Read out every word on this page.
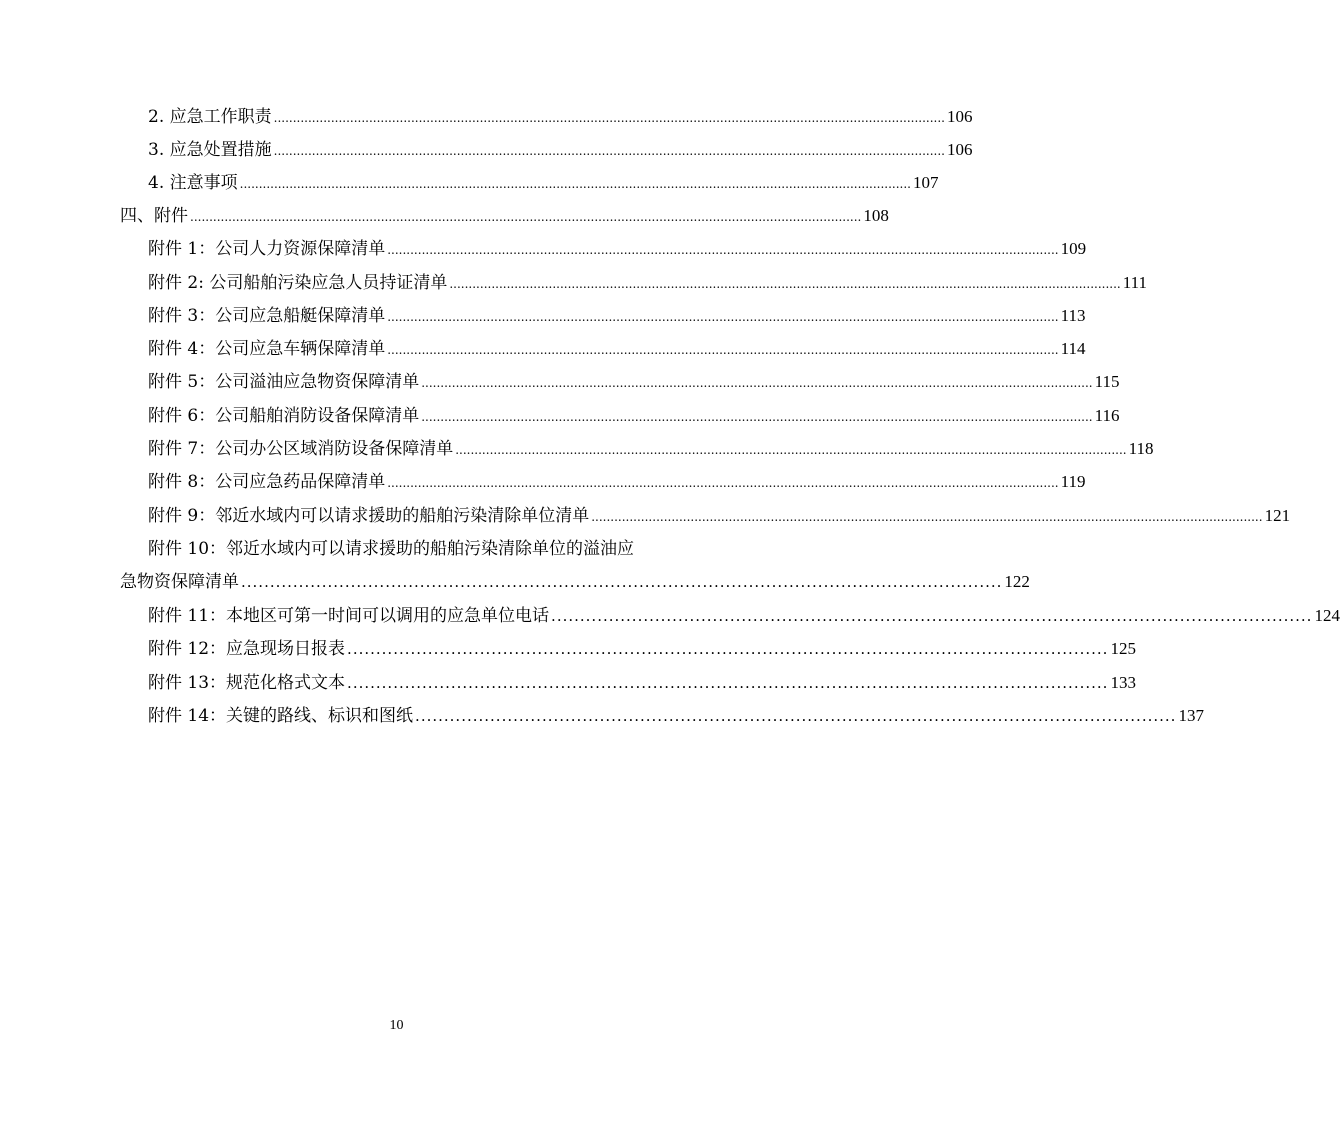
2. 应急工作职责 ................................................................................................................................................................................ 106
3. 应急处置措施 ................................................................................................................................................................................ 106
4. 注意事项 ................................................................................................................................................................................ 107
四、附件 ................................................................................................................................................................................ 108
附件 1：公司人力资源保障清单 ................................................................................................................................................................................ 109
附件 2: 公司船舶污染应急人员持证清单 ................................................................................................................................................................................ 111
附件 3：公司应急船艇保障清单 ................................................................................................................................................................................ 113
附件 4：公司应急车辆保障清单 ................................................................................................................................................................................ 114
附件 5：公司溢油应急物资保障清单 ................................................................................................................................................................................ 115
附件 6：公司船舶消防设备保障清单 ................................................................................................................................................................................ 116
附件 7：公司办公区域消防设备保障清单 ................................................................................................................................................................................ 118
附件 8：公司应急药品保障清单 ................................................................................................................................................................................ 119
附件 9：邻近水域内可以请求援助的船舶污染清除单位清单 ................................................................................................................................................................................ 121
附件 10：邻近水域内可以请求援助的船舶污染清除单位的溢油应
急物资保障清单 .................................................................................................................................... 122
附件 11：本地区可第一时间可以调用的应急单位电话 .................................................................................................................................... 124
附件 12：应急现场日报表 .................................................................................................................................... 125
附件 13：规范化格式文本 .................................................................................................................................... 133
附件 14：关键的路线、标识和图纸 .................................................................................................................................... 137
10
